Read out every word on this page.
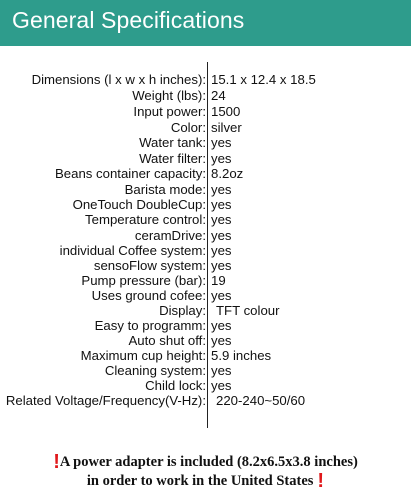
General Specifications
Dimensions (l x w x h inches): 15.1 x 12.4 x 18.5
Weight (lbs): 24
Input power: 1500
Color: silver
Water tank: yes
Water filter: yes
Beans container capacity: 8.2oz
Barista mode: yes
OneTouch DoubleCup: yes
Temperature control: yes
ceramDrive: yes
individual Coffee system: yes
sensoFlow system: yes
Pump pressure (bar): 19
Uses ground cofee: yes
Display: TFT colour
Easy to programm: yes
Auto shut off: yes
Maximum cup height: 5.9 inches
Cleaning system: yes
Child lock: yes
Related Voltage/Frequency(V-Hz): 220-240~50/60
!A power adapter is included (8.2x6.5x3.8 inches)
in order to work in the United States !
